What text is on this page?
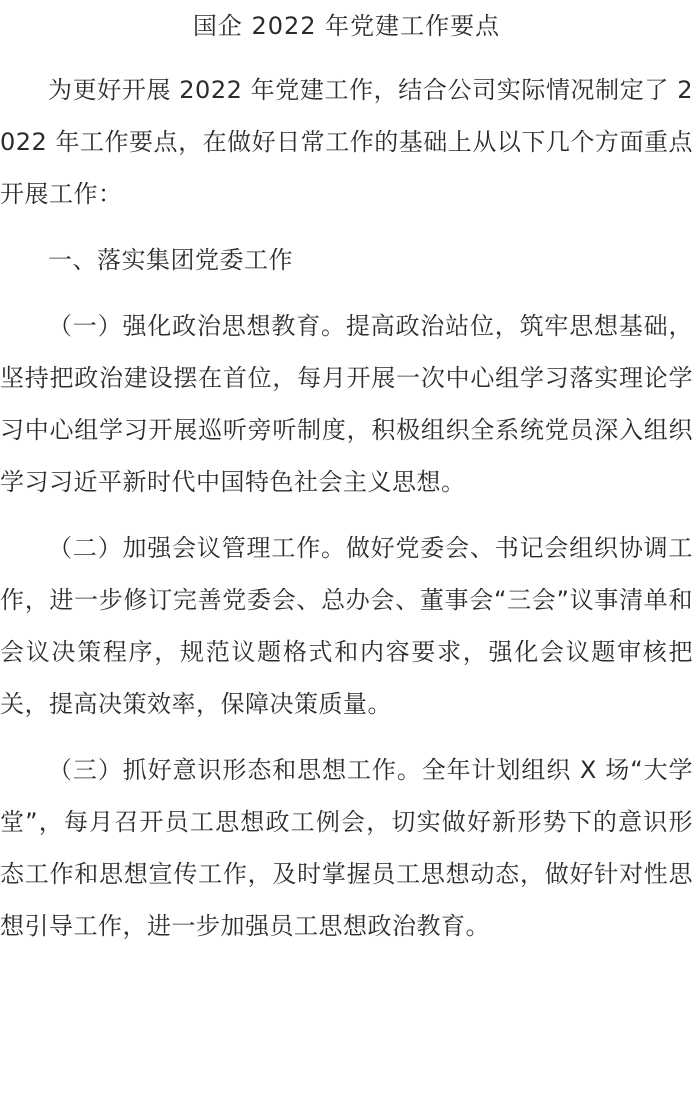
国企 2022 年党建工作要点

为更好开展 2022 年党建工作，结合公司实际情况制定了 2022 年工作要点，在做好日常工作的基础上从以下几个方面重点开展工作：

一、落实集团党委工作

（一）强化政治思想教育。提高政治站位，筑牢思想基础，坚持把政治建设摆在首位，每月开展一次中心组学习落实理论学习中心组学习开展巡听旁听制度，积极组织全系统党员深入组织学习习近平新时代中国特色社会主义思想。

（二）加强会议管理工作。做好党委会、书记会组织协调工作，进一步修订完善党委会、总办会、董事会“三会”议事清单和会议决策程序，规范议题格式和内容要求，强化会议题审核把关，提高决策效率，保障决策质量。

（三）抓好意识形态和思想工作。全年计划组织 X 场“大学堂”，每月召开员工思想政工例会，切实做好新形势下的意识形态工作和思想宣传工作，及时掌握员工思想动态，做好针对性思想引导工作，进一步加强员工思想政治教育。
